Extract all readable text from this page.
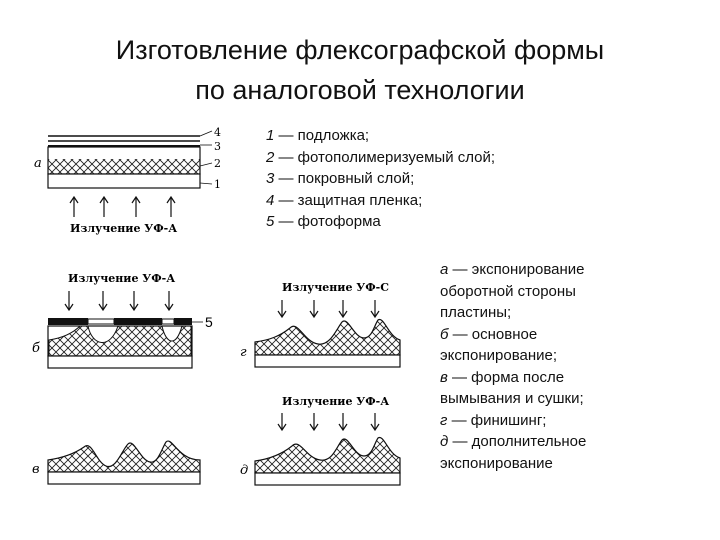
Изготовление флексографской формы
по аналоговой технологии
1 — подложка;
2 — фотополимеризуемый слой;
3 — покровный слой;
4 — защитная пленка;
5 — фотоформа
а — экспонирование
оборотной стороны
пластины;
б — основное
экспонирование;
в — форма после
вымывания и сушки;
г — финишинг;
д — дополнительное
экспонирование
4
3
2
1
а
Излучение УФ-А
Излучение УФ-А
5
б
в
Излучение УФ-С
г
Излучение УФ-А
д
